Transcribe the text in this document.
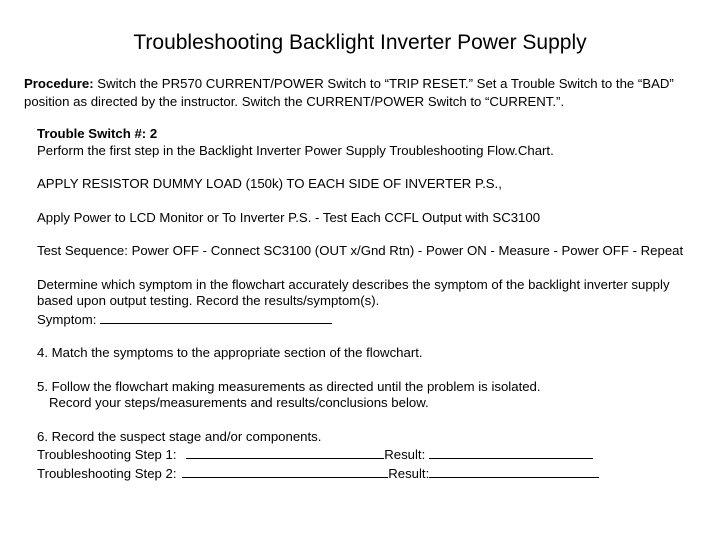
Troubleshooting Backlight Inverter Power Supply
Procedure: Switch the PR570 CURRENT/POWER Switch to “TRIP RESET.” Set a Trouble Switch to the “BAD” position as directed by the instructor. Switch the CURRENT/POWER Switch to “CURRENT.”.

Trouble Switch #: 2

Perform the first step in the Backlight Inverter Power Supply Troubleshooting Flow.Chart.

APPLY RESISTOR DUMMY LOAD (150k) TO EACH SIDE OF INVERTER P.S.,

Apply Power to LCD Monitor or To Inverter P.S. - Test Each CCFL Output with SC3100

Test Sequence: Power OFF - Connect SC3100 (OUT x/Gnd Rtn) - Power ON - Measure - Power OFF - Repeat

Determine which symptom in the flowchart accurately describes the symptom of the backlight inverter supply based upon output testing. Record the results/symptom(s).

Symptom:

4. Match the symptoms to the appropriate section of the flowchart.

5. Follow the flowchart making measurements as directed until the problem is isolated.

Record your steps/measurements and results/conclusions below.

6. Record the suspect stage and/or components.

Troubleshooting Step 1:	Result:

Troubleshooting Step 2:	Result:
